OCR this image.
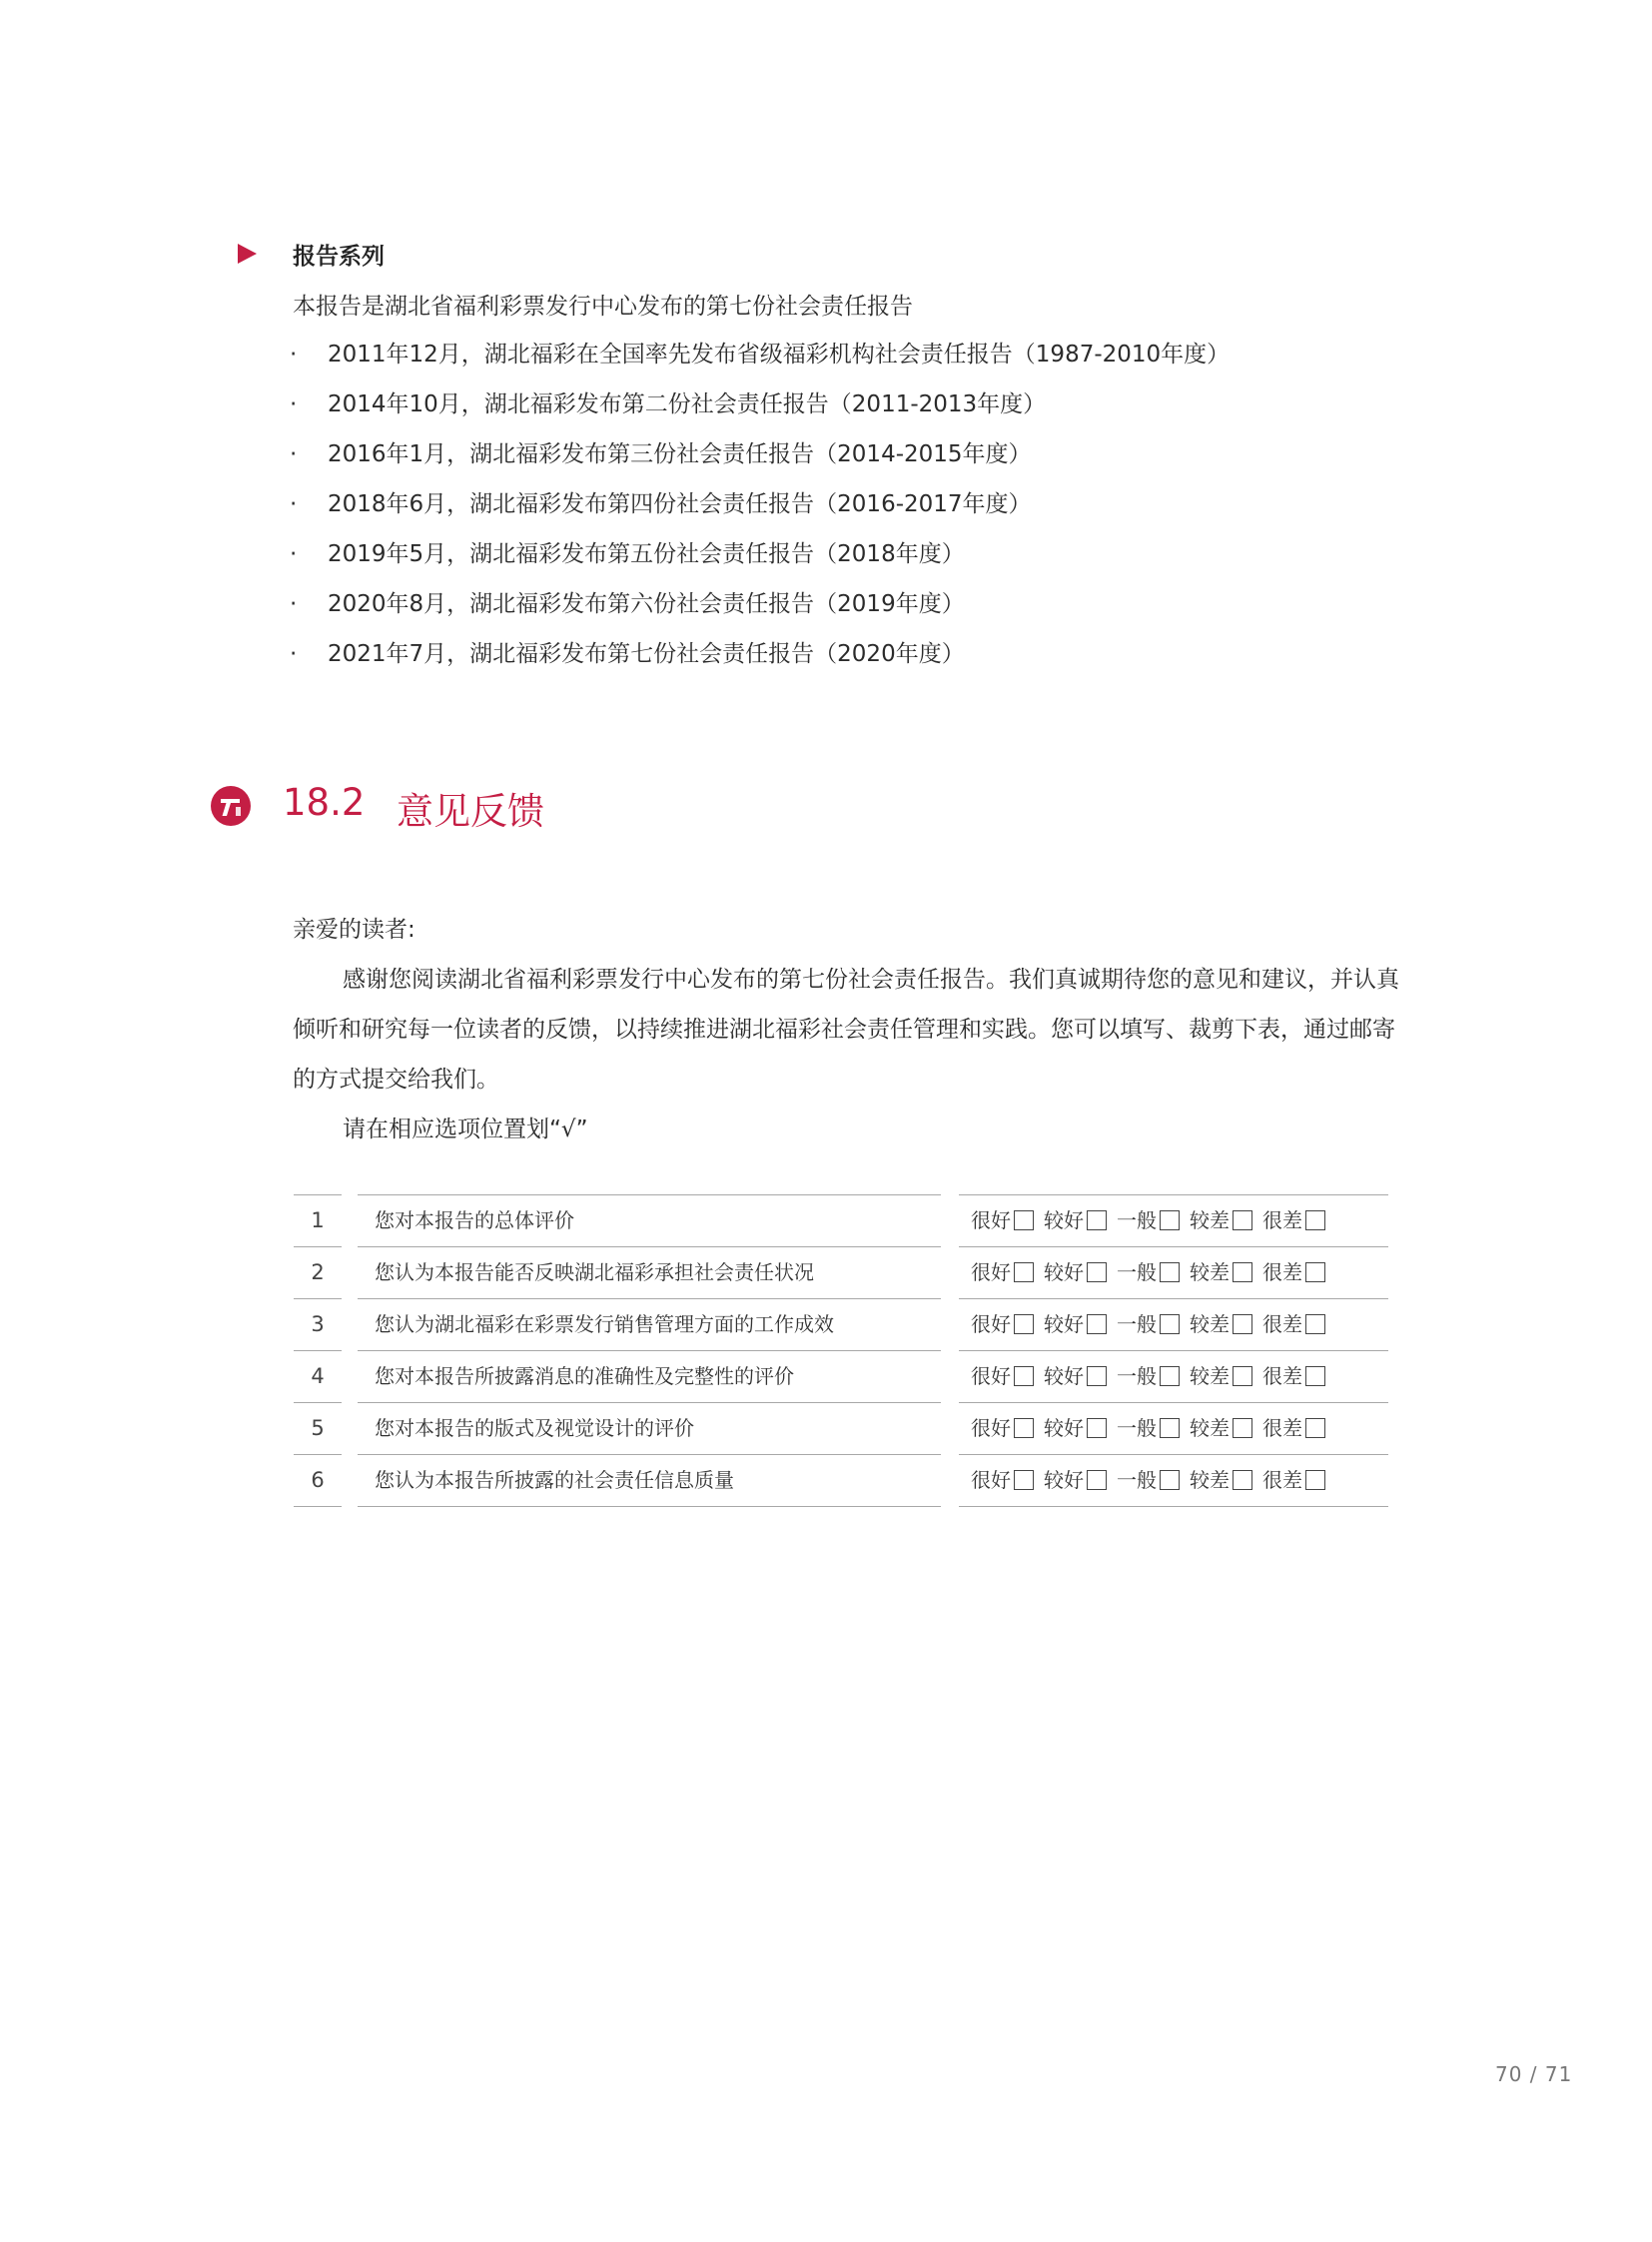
报告系列
本报告是湖北省福利彩票发行中心发布的第七份社会责任报告
· 2011年12月，湖北福彩在全国率先发布省级福彩机构社会责任报告（1987-2010年度）
· 2014年10月，湖北福彩发布第二份社会责任报告（2011-2013年度）
· 2016年1月，湖北福彩发布第三份社会责任报告（2014-2015年度）
· 2018年6月，湖北福彩发布第四份社会责任报告（2016-2017年度）
· 2019年5月，湖北福彩发布第五份社会责任报告（2018年度）
· 2020年8月，湖北福彩发布第六份社会责任报告（2019年度）
· 2021年7月，湖北福彩发布第七份社会责任报告（2020年度）
18.2 意见反馈

亲爱的读者:

感谢您阅读湖北省福利彩票发行中心发布的第七份社会责任报告。我们真诚期待您的意见和建议，并认真倾听和研究每一位读者的反馈，以持续推进湖北福彩社会责任管理和实践。您可以填写、裁剪下表，通过邮寄的方式提交给我们。

请在相应选项位置划“√”

1	您对本报告的总体评价	很好 较好 一般 较差 很差
2	您认为本报告能否反映湖北福彩承担社会责任状况	很好 较好 一般 较差 很差
3	您认为湖北福彩在彩票发行销售管理方面的工作成效	很好 较好 一般 较差 很差
4	您对本报告所披露消息的准确性及完整性的评价	很好 较好 一般 较差 很差
5	您对本报告的版式及视觉设计的评价	很好 较好 一般 较差 很差
6	您认为本报告所披露的社会责任信息质量	很好 较好 一般 较差 很差
70 / 71
